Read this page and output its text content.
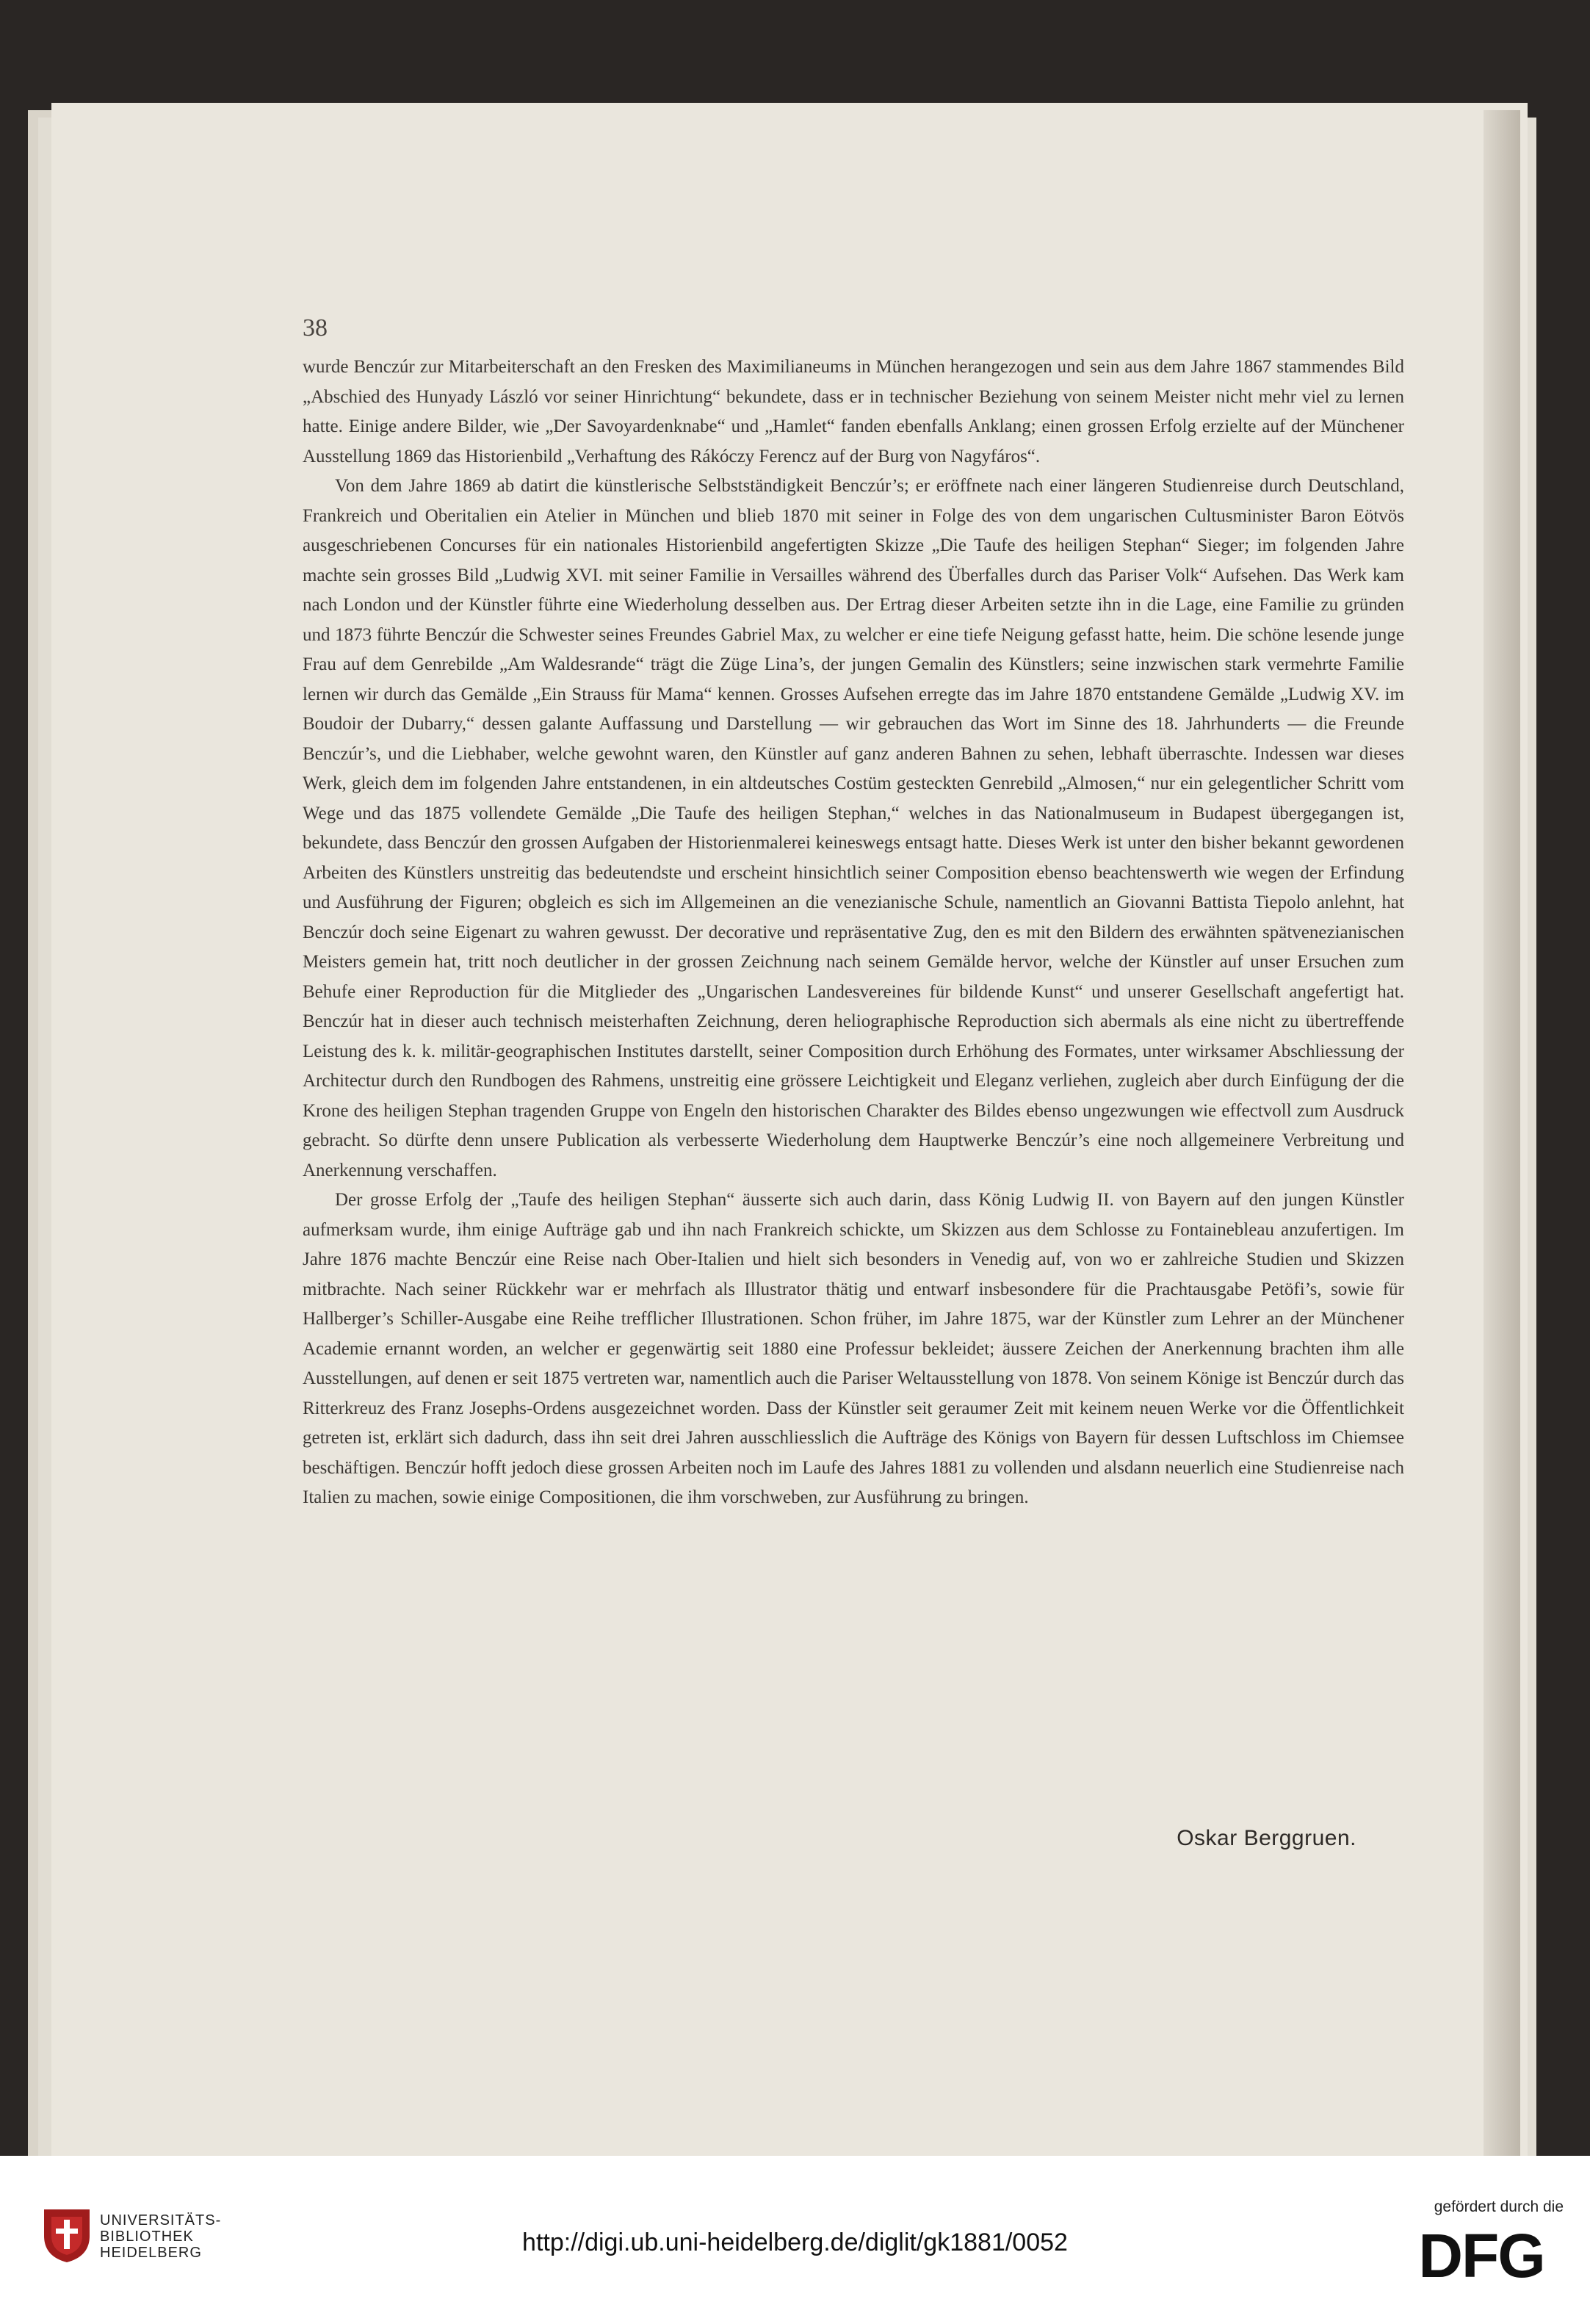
38

wurde Benczúr zur Mitarbeiterschaft an den Fresken des Maximilianeums in München herangezogen und sein aus dem Jahre 1867 stammendes Bild „Abschied des Hunyady László vor seiner Hinrichtung“ bekundete, dass er in technischer Beziehung von seinem Meister nicht mehr viel zu lernen hatte. Einige andere Bilder, wie „Der Savoyardenknabe“ und „Hamlet“ fanden ebenfalls Anklang; einen grossen Erfolg erzielte auf der Münchener Ausstellung 1869 das Historienbild „Verhaftung des Rákóczy Ferencz auf der Burg von Nagyfáros“.

Von dem Jahre 1869 ab datirt die künstlerische Selbstständigkeit Benczúr’s; er eröffnete nach einer längeren Studienreise durch Deutschland, Frankreich und Oberitalien ein Atelier in München und blieb 1870 mit seiner in Folge des von dem ungarischen Cultusminister Baron Eötvös ausgeschriebenen Concurses für ein nationales Historienbild angefertigten Skizze „Die Taufe des heiligen Stephan“ Sieger; im folgenden Jahre machte sein grosses Bild „Ludwig XVI. mit seiner Familie in Versailles während des Überfalles durch das Pariser Volk“ Aufsehen. Das Werk kam nach London und der Künstler führte eine Wiederholung desselben aus. Der Ertrag dieser Arbeiten setzte ihn in die Lage, eine Familie zu gründen und 1873 führte Benczúr die Schwester seines Freundes Gabriel Max, zu welcher er eine tiefe Neigung gefasst hatte, heim. Die schöne lesende junge Frau auf dem Genrebilde „Am Waldesrande“ trägt die Züge Lina’s, der jungen Gemalin des Künstlers; seine inzwischen stark vermehrte Familie lernen wir durch das Gemälde „Ein Strauss für Mama“ kennen. Grosses Aufsehen erregte das im Jahre 1870 entstandene Gemälde „Ludwig XV. im Boudoir der Dubarry,“ dessen galante Auffassung und Darstellung — wir gebrauchen das Wort im Sinne des 18. Jahrhunderts — die Freunde Benczúr’s, und die Liebhaber, welche gewohnt waren, den Künstler auf ganz anderen Bahnen zu sehen, lebhaft überraschte. Indessen war dieses Werk, gleich dem im folgenden Jahre entstandenen, in ein altdeutsches Costüm gesteckten Genrebild „Almosen,“ nur ein gelegentlicher Schritt vom Wege und das 1875 vollendete Gemälde „Die Taufe des heiligen Stephan,“ welches in das Nationalmuseum in Budapest übergegangen ist, bekundete, dass Benczúr den grossen Aufgaben der Historienmalerei keineswegs entsagt hatte. Dieses Werk ist unter den bisher bekannt gewordenen Arbeiten des Künstlers unstreitig das bedeutendste und erscheint hinsichtlich seiner Composition ebenso beachtenswerth wie wegen der Erfindung und Ausführung der Figuren; obgleich es sich im Allgemeinen an die venezianische Schule, namentlich an Giovanni Battista Tiepolo anlehnt, hat Benczúr doch seine Eigenart zu wahren gewusst. Der decorative und repräsentative Zug, den es mit den Bildern des erwähnten spätvenezianischen Meisters gemein hat, tritt noch deutlicher in der grossen Zeichnung nach seinem Gemälde hervor, welche der Künstler auf unser Ersuchen zum Behufe einer Reproduction für die Mitglieder des „Ungarischen Landesvereines für bildende Kunst“ und unserer Gesellschaft angefertigt hat. Benczúr hat in dieser auch technisch meisterhaften Zeichnung, deren heliographische Reproduction sich abermals als eine nicht zu übertreffende Leistung des k. k. militär-geographischen Institutes darstellt, seiner Composition durch Erhöhung des Formates, unter wirksamer Abschliessung der Architectur durch den Rundbogen des Rahmens, unstreitig eine grössere Leichtigkeit und Eleganz verliehen, zugleich aber durch Einfügung der die Krone des heiligen Stephan tragenden Gruppe von Engeln den historischen Charakter des Bildes ebenso ungezwungen wie effectvoll zum Ausdruck gebracht. So dürfte denn unsere Publication als verbesserte Wiederholung dem Hauptwerke Benczúr’s eine noch allgemeinere Verbreitung und Anerkennung verschaffen.

Der grosse Erfolg der „Taufe des heiligen Stephan“ äusserte sich auch darin, dass König Ludwig II. von Bayern auf den jungen Künstler aufmerksam wurde, ihm einige Aufträge gab und ihn nach Frankreich schickte, um Skizzen aus dem Schlosse zu Fontainebleau anzufertigen. Im Jahre 1876 machte Benczúr eine Reise nach Ober-Italien und hielt sich besonders in Venedig auf, von wo er zahlreiche Studien und Skizzen mitbrachte. Nach seiner Rückkehr war er mehrfach als Illustrator thätig und entwarf insbesondere für die Prachtausgabe Petöfi’s, sowie für Hallberger’s Schiller-Ausgabe eine Reihe trefflicher Illustrationen. Schon früher, im Jahre 1875, war der Künstler zum Lehrer an der Münchener Academie ernannt worden, an welcher er gegenwärtig seit 1880 eine Professur bekleidet; äussere Zeichen der Anerkennung brachten ihm alle Ausstellungen, auf denen er seit 1875 vertreten war, namentlich auch die Pariser Weltausstellung von 1878. Von seinem Könige ist Benczúr durch das Ritterkreuz des Franz Josephs-Ordens ausgezeichnet worden. Dass der Künstler seit geraumer Zeit mit keinem neuen Werke vor die Öffentlichkeit getreten ist, erklärt sich dadurch, dass ihn seit drei Jahren ausschliesslich die Aufträge des Königs von Bayern für dessen Luftschloss im Chiemsee beschäftigen. Benczúr hofft jedoch diese grossen Arbeiten noch im Laufe des Jahres 1881 zu vollenden und alsdann neuerlich eine Studienreise nach Italien zu machen, sowie einige Compositionen, die ihm vorschweben, zur Ausführung zu bringen.

Oskar Berggruen.
UNIVERSITÄTS-
BIBLIOTHEK
HEIDELBERG	http://digi.ub.uni-heidelberg.de/diglit/gk1881/0052
gefördert durch die
DFG
